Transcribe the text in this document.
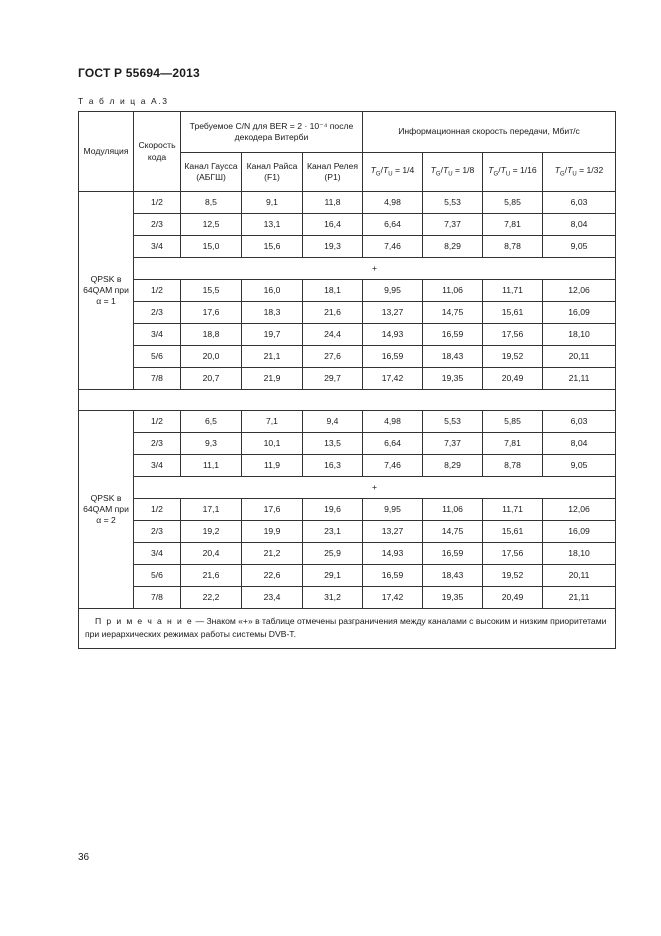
ГОСТ Р 55694—2013
Т а б л и ц а А.3
Модуляция	Скорость кода	Требуемое C/N для BER = 2 · 10⁻⁴ после декодера Витерби			Информационная скорость передачи, Мбит/с			
		Канал Гаусса (АБГШ)	Канал Райса (F1)	Канал Релея (P1)	$T_G/T_U = 1/4$	$T_G/T_U = 1/8$	$T_G/T_U = 1/16$	$T_G/T_U = 1/32$
QPSK в 64QAM при α = 1	1/2	8,5	9,1	11,8	4,98	5,53	5,85	6,03
	2/3	12,5	13,1	16,4	6,64	7,37	7,81	8,04
	3/4	15,0	15,6	19,3	7,46	8,29	8,78	9,05
	+							
	1/2	15,5	16,0	18,1	9,95	11,06	11,71	12,06
	2/3	17,6	18,3	21,6	13,27	14,75	15,61	16,09
	3/4	18,8	19,7	24,4	14,93	16,59	17,56	18,10
	5/6	20,0	21,1	27,6	16,59	18,43	19,52	20,11
	7/8	20,7	21,9	29,7	17,42	19,35	20,49	21,11

QPSK в 64QAM при α = 2	1/2	6,5	7,1	9,4	4,98	5,53	5,85	6,03
	2/3	9,3	10,1	13,5	6,64	7,37	7,81	8,04
	3/4	11,1	11,9	16,3	7,46	8,29	8,78	9,05
	+							
	1/2	17,1	17,6	19,6	9,95	11,06	11,71	12,06
	2/3	19,2	19,9	23,1	13,27	14,75	15,61	16,09
	3/4	20,4	21,2	25,9	14,93	16,59	17,56	18,10
	5/6	21,6	22,6	29,1	16,59	18,43	19,52	20,11
	7/8	22,2	23,4	31,2	17,42	19,35	20,49	21,11
П р и м е ч а н и е — Знаком «+» в таблице отмечены разграничения между каналами с высоким и низким приоритетами при иерархических режимах работы системы DVB-T.								
36
